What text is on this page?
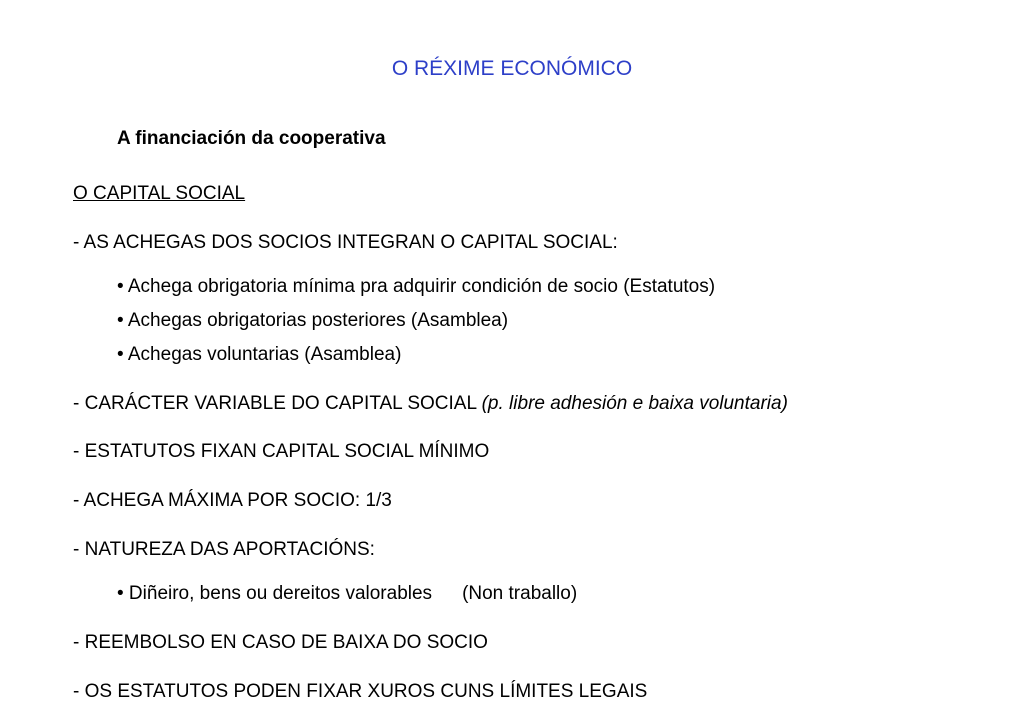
O RÉXIME ECONÓMICO
A financiación da cooperativa
O CAPITAL SOCIAL
- AS ACHEGAS DOS SOCIOS INTEGRAN O CAPITAL SOCIAL:
• Achega obrigatoria mínima pra adquirir condición de socio (Estatutos)
• Achegas obrigatorias posteriores (Asamblea)
• Achegas voluntarias (Asamblea)
- CARÁCTER VARIABLE DO CAPITAL SOCIAL (p. libre adhesión e baixa voluntaria)
- ESTATUTOS FIXAN CAPITAL SOCIAL MÍNIMO
- ACHEGA MÁXIMA POR SOCIO: 1/3
- NATUREZA DAS APORTACIÓNS:
• Diñeiro, bens ou dereitos valorables (Non traballo)
- REEMBOLSO EN CASO DE BAIXA DO SOCIO
- OS ESTATUTOS PODEN FIXAR XUROS CUNS LÍMITES LEGAIS
